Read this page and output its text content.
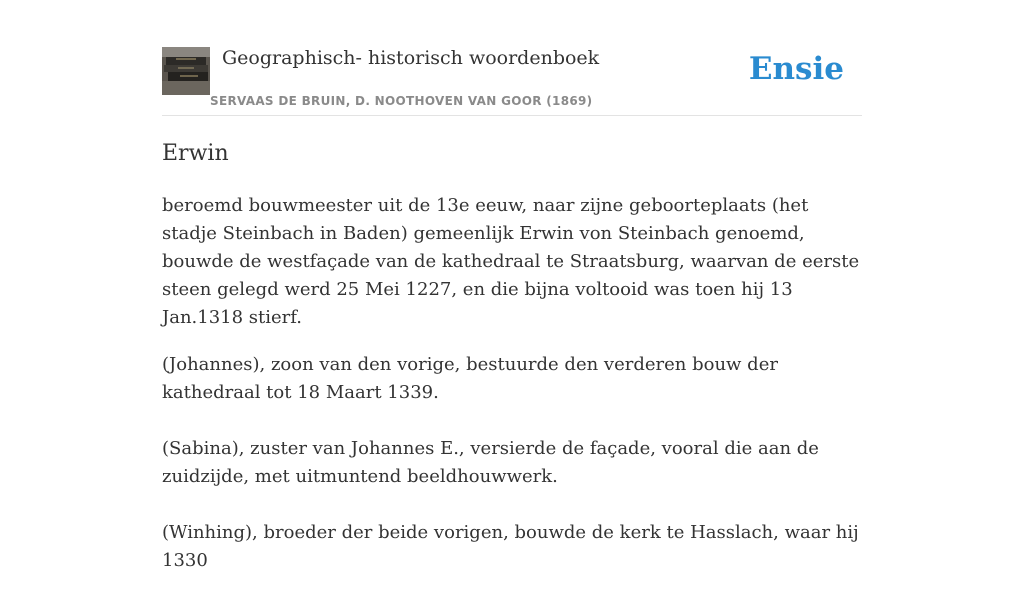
Geographisch- historisch woordenboek
SERVAAS DE BRUIN, D. NOOTHOVEN VAN GOOR (1869)
Ensie
Erwin

beroemd bouwmeester uit de 13e eeuw, naar zijne geboorteplaats (het stadje Steinbach in Baden) gemeenlijk Erwin von Steinbach genoemd, bouwde de westfaçade van de kathedraal te Straatsburg, waarvan de eerste steen gelegd werd 25 Mei 1227, en die bijna voltooid was toen hij 13 Jan.1318 stierf.

(Johannes), zoon van den vorige, bestuurde den verderen bouw der kathedraal tot 18 Maart 1339.

(Sabina), zuster van Johannes E., versierde de façade, vooral die aan de zuidzijde, met uitmuntend beeldhouwwerk.

(Winhing), broeder der beide vorigen, bouwde de kerk te Hasslach, waar hij 1330
